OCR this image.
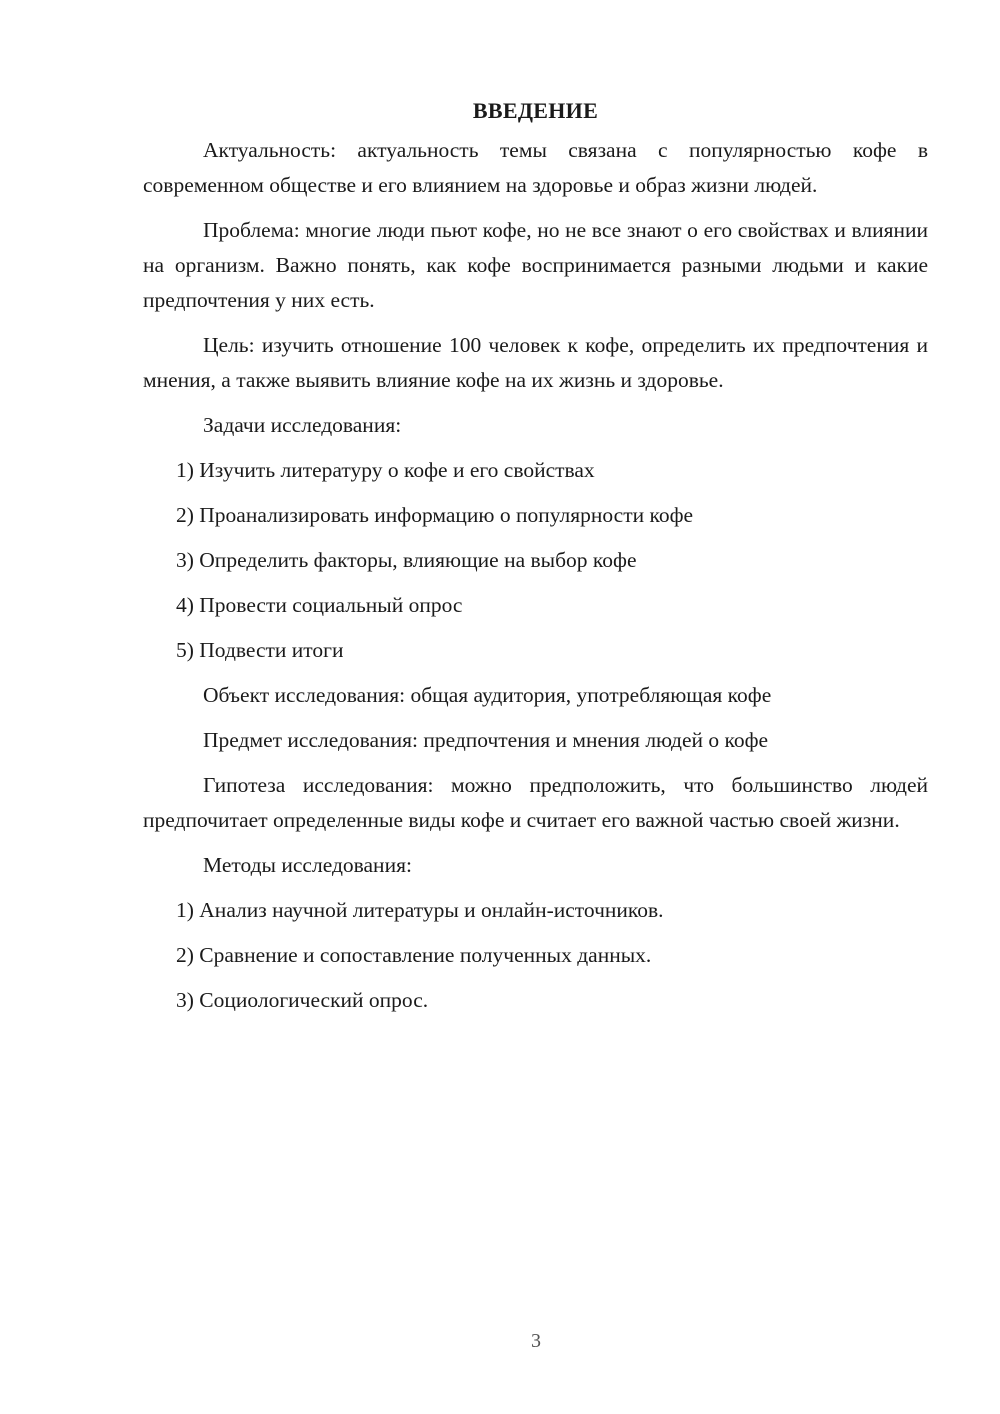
ВВЕДЕНИЕ

Актуальность: актуальность темы связана с популярностью кофе в современном обществе и его влиянием на здоровье и образ жизни людей.

Проблема: многие люди пьют кофе, но не все знают о его свойствах и влиянии на организм. Важно понять, как кофе воспринимается разными людьми и какие предпочтения у них есть.

Цель: изучить отношение 100 человек к кофе, определить их предпочтения и мнения, а также выявить влияние кофе на их жизнь и здоровье.

Задачи исследования:

1) Изучить литературу о кофе и его свойствах
2) Проанализировать информацию о популярности кофе
3) Определить факторы, влияющие на выбор кофе
4) Провести социальный опрос
5) Подвести итоги

Объект исследования: общая аудитория, употребляющая кофе

Предмет исследования: предпочтения и мнения людей о кофе

Гипотеза исследования: можно предположить, что большинство людей предпочитает определенные виды кофе и считает его важной частью своей жизни.

Методы исследования:

1) Анализ научной литературы и онлайн-источников.
2) Сравнение и сопоставление полученных данных.
3) Социологический опрос.
3
